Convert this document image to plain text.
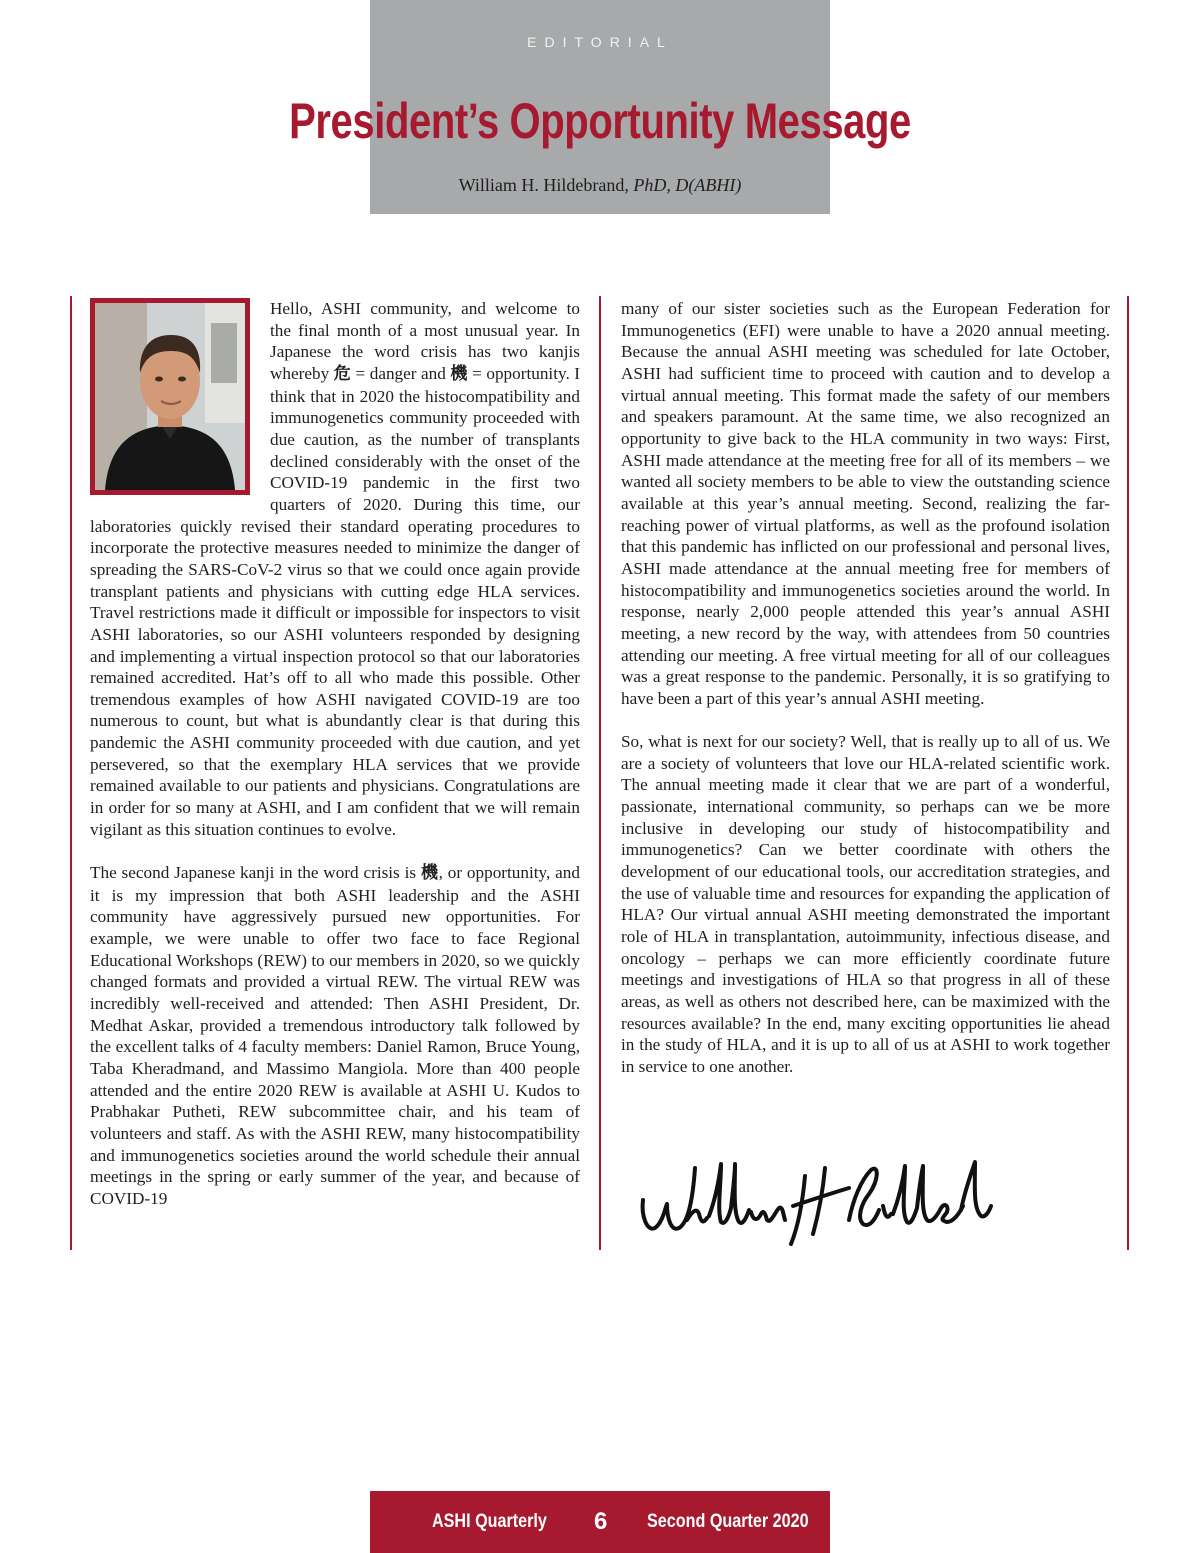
EDITORIAL
President’s Opportunity Message
William H. Hildebrand, PhD, D(ABHI)

Hello, ASHI community, and welcome to the final month of a most unusual year. In Japanese the word crisis has two kanjis whereby 危 = danger and 機 = opportunity. I think that in 2020 the histocompatibility and immunogenetics community proceeded with due caution, as the number of transplants declined considerably with the onset of the COVID-19 pandemic in the first two quarters of 2020. During this time, our laboratories quickly revised their standard operating procedures to incorporate the protective measures needed to minimize the danger of spreading the SARS-CoV-2 virus so that we could once again provide transplant patients and physicians with cutting edge HLA services. Travel restrictions made it difficult or impossible for inspectors to visit ASHI laboratories, so our ASHI volunteers responded by designing and implementing a virtual inspection protocol so that our laboratories remained accredited. Hat’s off to all who made this possible. Other tremendous examples of how ASHI navigated COVID-19 are too numerous to count, but what is abundantly clear is that during this pandemic the ASHI community proceeded with due caution, and yet persevered, so that the exemplary HLA services that we provide remained available to our patients and physicians. Congratulations are in order for so many at ASHI, and I am confident that we will remain vigilant as this situation continues to evolve.

The second Japanese kanji in the word crisis is 機, or opportunity, and it is my impression that both ASHI leadership and the ASHI community have aggressively pursued new opportunities. For example, we were unable to offer two face to face Regional Educational Workshops (REW) to our members in 2020, so we quickly changed formats and provided a virtual REW. The virtual REW was incredibly well-received and attended: Then ASHI President, Dr. Medhat Askar, provided a tremendous introductory talk followed by the excellent talks of 4 faculty members: Daniel Ramon, Bruce Young, Taba Kheradmand, and Massimo Mangiola. More than 400 people attended and the entire 2020 REW is available at ASHI U. Kudos to Prabhakar Putheti, REW subcommittee chair, and his team of volunteers and staff. As with the ASHI REW, many histocompatibility and immunogenetics societies around the world schedule their annual meetings in the spring or early summer of the year, and because of COVID-19

many of our sister societies such as the European Federation for Immunogenetics (EFI) were unable to have a 2020 annual meeting. Because the annual ASHI meeting was scheduled for late October, ASHI had sufficient time to proceed with caution and to develop a virtual annual meeting. This format made the safety of our members and speakers paramount. At the same time, we also recognized an opportunity to give back to the HLA community in two ways: First, ASHI made attendance at the meeting free for all of its members – we wanted all society members to be able to view the outstanding science available at this year’s annual meeting. Second, realizing the far-reaching power of virtual platforms, as well as the profound isolation that this pandemic has inflicted on our professional and personal lives, ASHI made attendance at the annual meeting free for members of histocompatibility and immunogenetics societies around the world. In response, nearly 2,000 people attended this year’s annual ASHI meeting, a new record by the way, with attendees from 50 countries attending our meeting. A free virtual meeting for all of our colleagues was a great response to the pandemic. Personally, it is so gratifying to have been a part of this year’s annual ASHI meeting.

So, what is next for our society? Well, that is really up to all of us. We are a society of volunteers that love our HLA-related scientific work. The annual meeting made it clear that we are part of a wonderful, passionate, international community, so perhaps can we be more inclusive in developing our study of histocompatibility and immunogenetics? Can we better coordinate with others the development of our educational tools, our accreditation strategies, and the use of valuable time and resources for expanding the application of HLA? Our virtual annual ASHI meeting demonstrated the important role of HLA in transplantation, autoimmunity, infectious disease, and oncology – perhaps we can more efficiently coordinate future meetings and investigations of HLA so that progress in all of these areas, as well as others not described here, can be maximized with the resources available? In the end, many exciting opportunities lie ahead in the study of HLA, and it is up to all of us at ASHI to work together in service to one another.

ASHI Quarterly 6 Second Quarter 2020
